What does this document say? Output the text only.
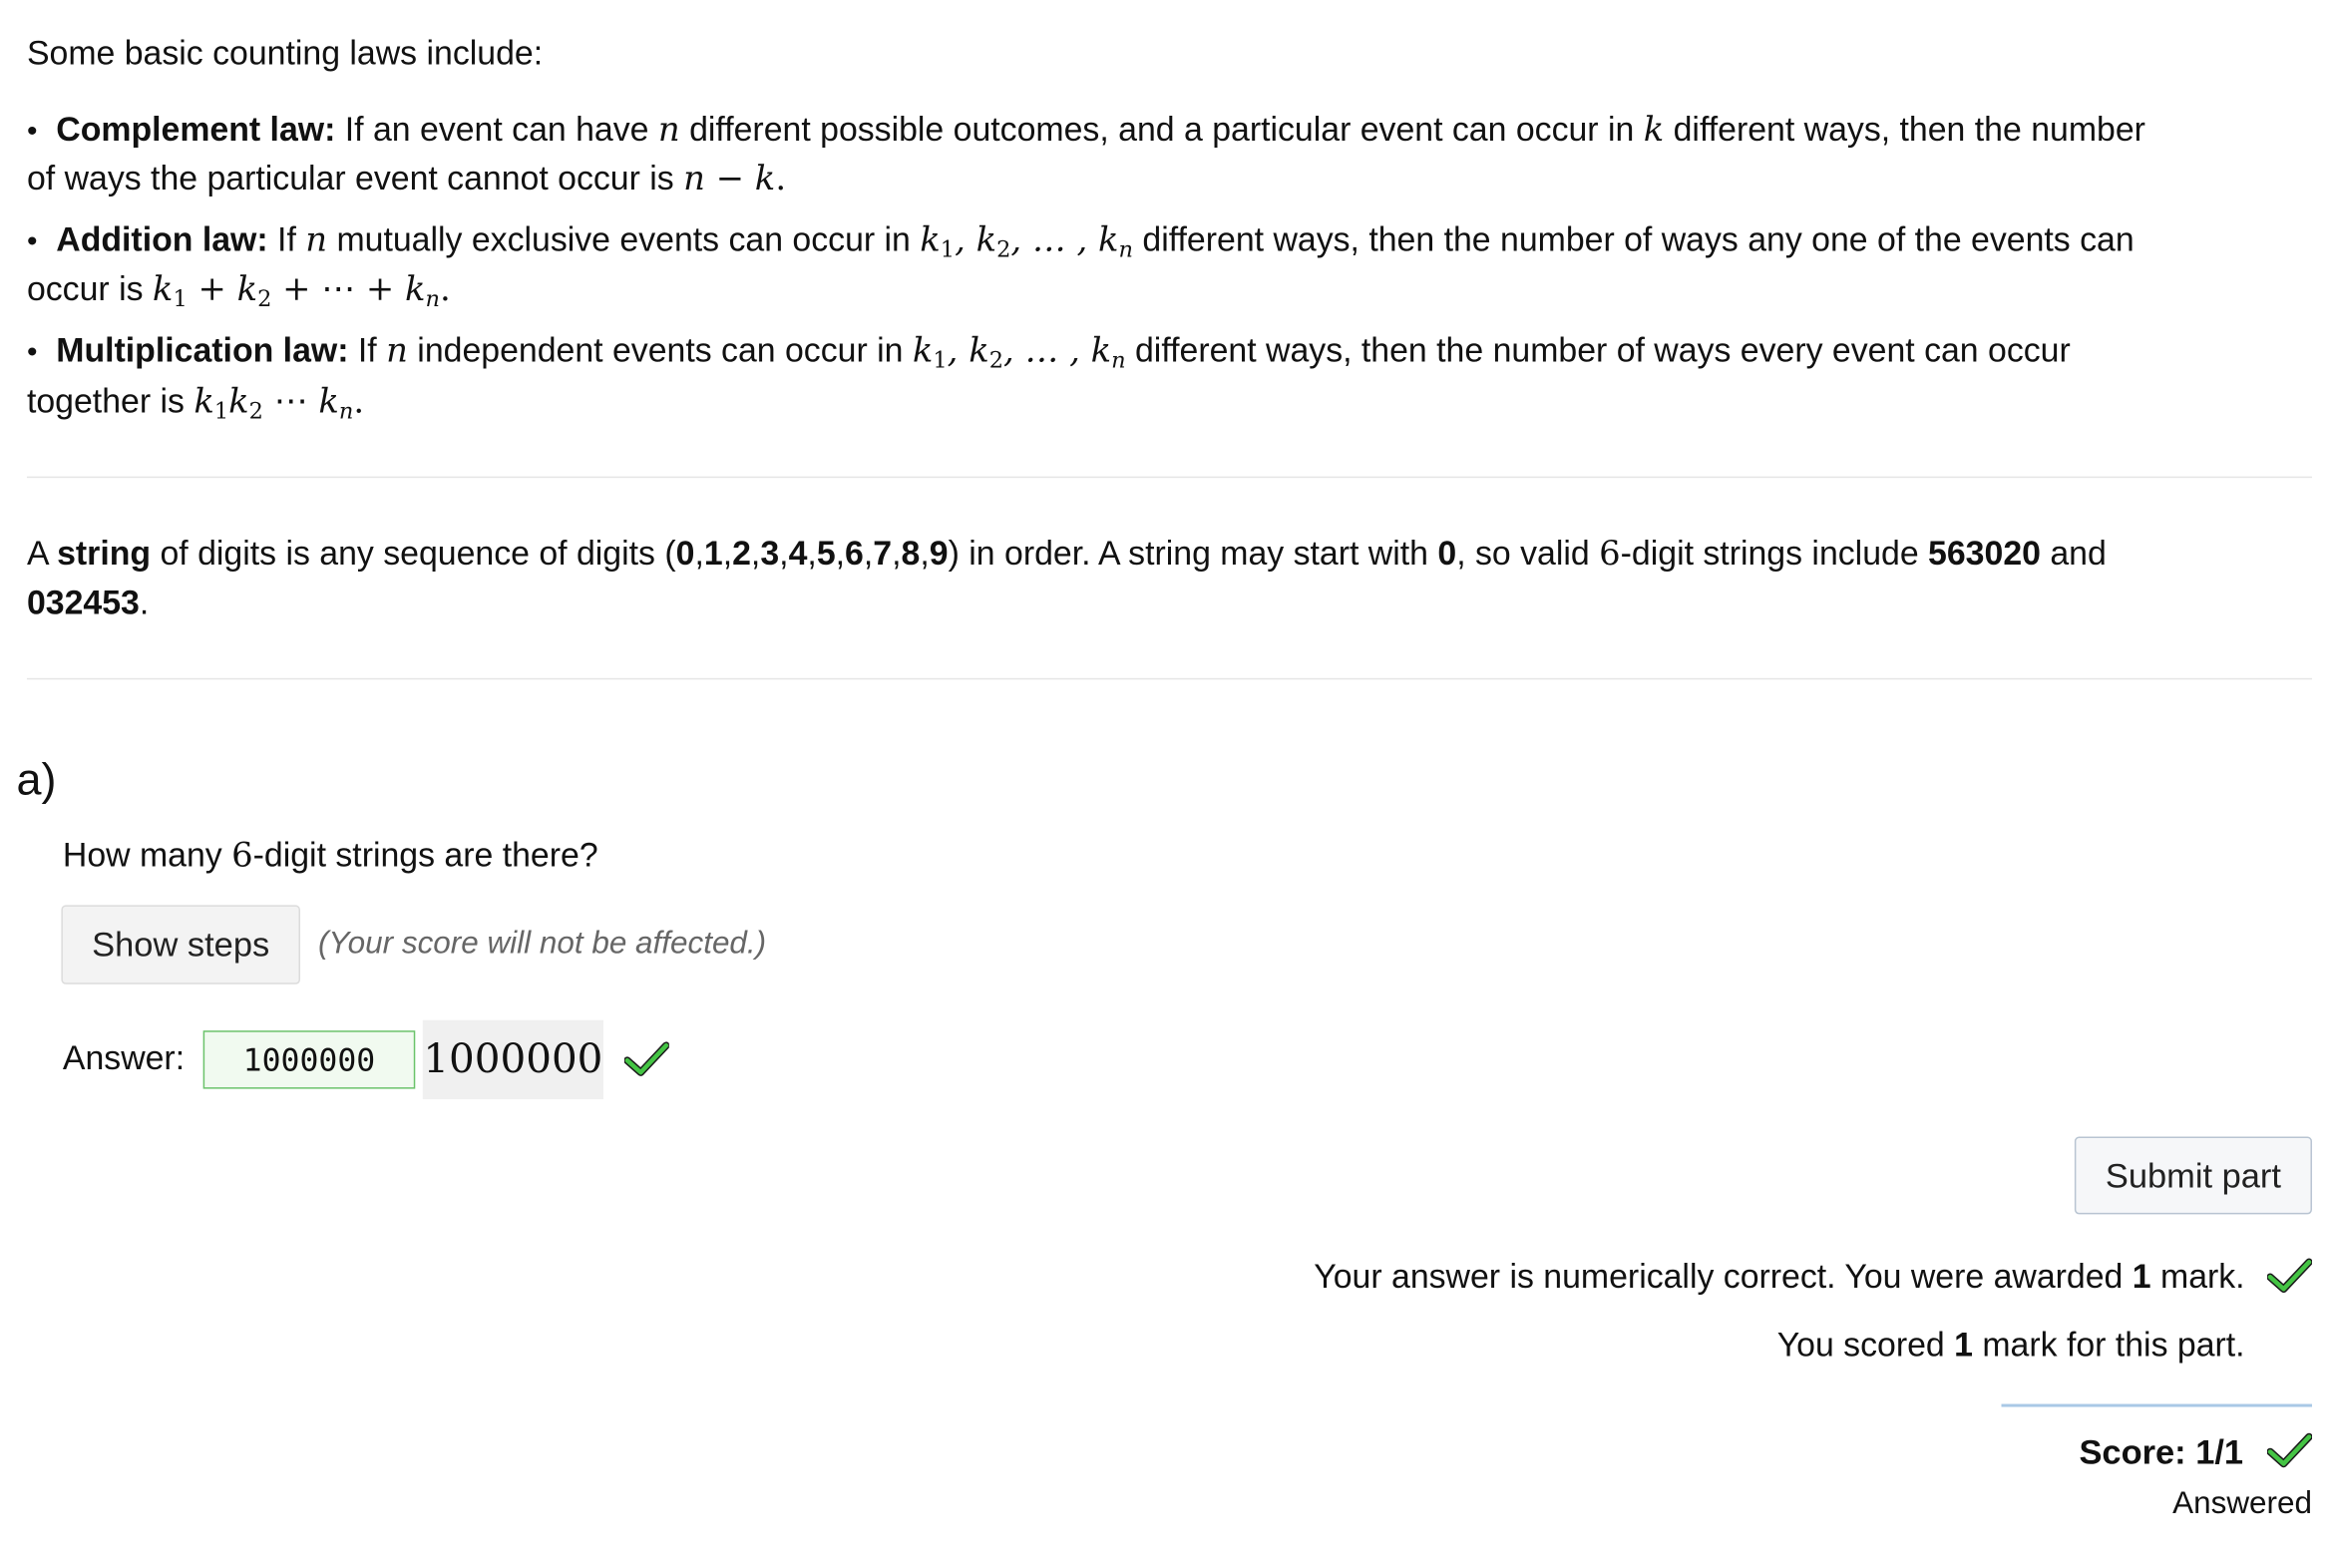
Some basic counting laws include:
• Complement law: If an event can have n different possible outcomes, and a particular event can occur in k different ways, then the number
of ways the particular event cannot occur is n − k.
• Addition law: If n mutually exclusive events can occur in $k_1$, $k_2$, … , kn different ways, then the number of ways any one of the events can
occur is $k_1 + k_2$ + ⋯ + kn.
• Multiplication law: If n independent events can occur in $k_1$, $k_2$, … , kn different ways, then the number of ways every event can occur
together is $k_1k_2$ ⋯ kn.
A string of digits is any sequence of digits (0,1,2,3,4,5,6,7,8,9) in order. A string may start with 0, so valid 6-digit strings include 563020 and
032453.
a)
How many 6-digit strings are there?
Show steps	(Your score will not be affected.)
Answer:	1000000	1000000
Submit part
Your answer is numerically correct. You were awarded 1 mark.
You scored 1 mark for this part.
Score: 1/1
Answered
